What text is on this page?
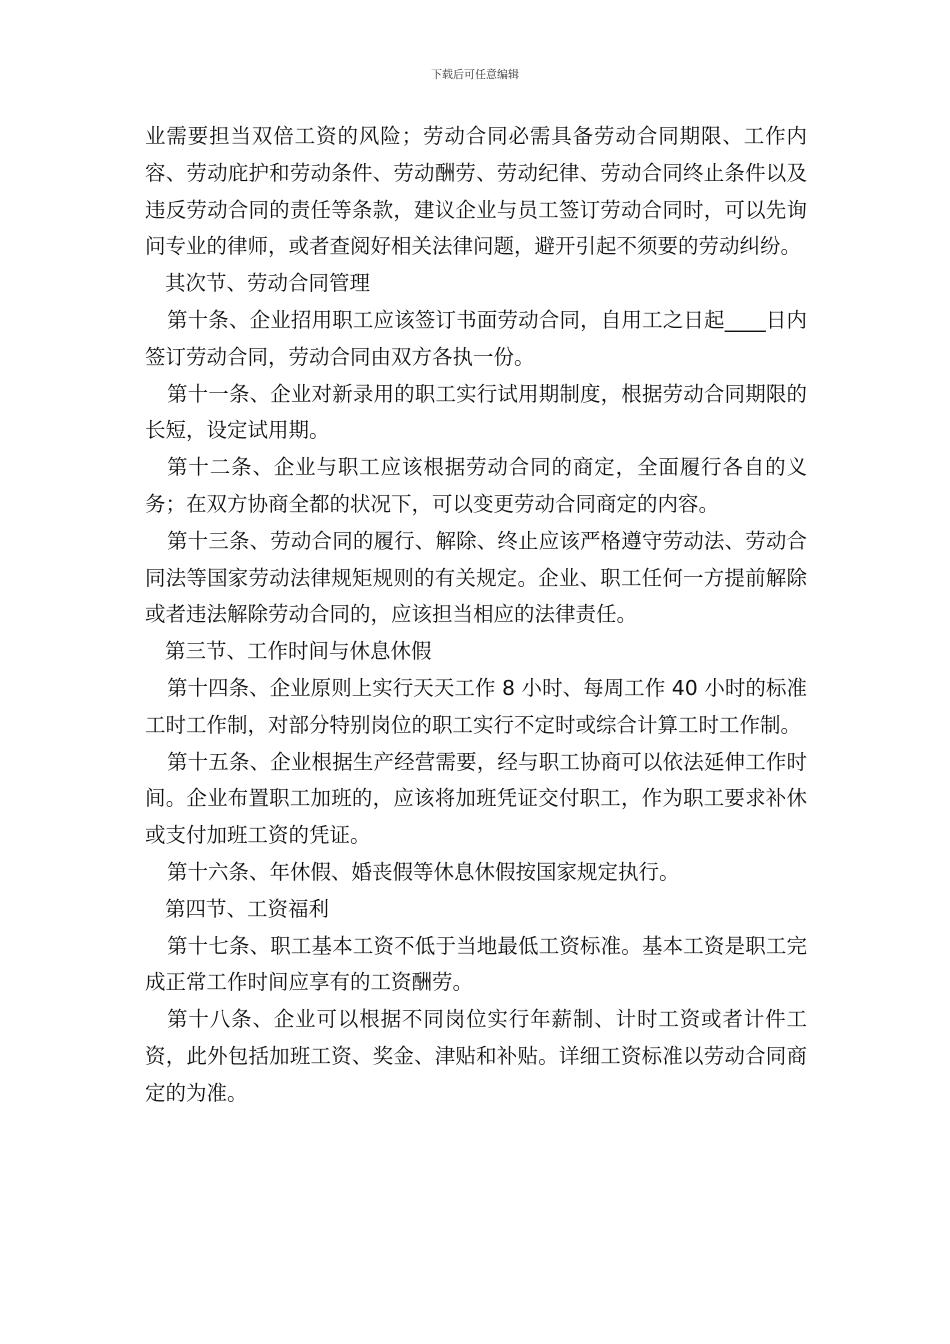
下载后可任意编辑

业需要担当双倍工资的风险；劳动合同必需具备劳动合同期限、工作内容、劳动庇护和劳动条件、劳动酬劳、劳动纪律、劳动合同终止条件以及违反劳动合同的责任等条款，建议企业与员工签订劳动合同时，可以先询问专业的律师，或者查阅好相关法律问题，避开引起不须要的劳动纠纷。

其次节、劳动合同管理

第十条、企业招用职工应该签订书面劳动合同，自用工之日起____日内签订劳动合同，劳动合同由双方各执一份。

第十一条、企业对新录用的职工实行试用期制度，根据劳动合同期限的长短，设定试用期。

第十二条、企业与职工应该根据劳动合同的商定，全面履行各自的义务；在双方协商全都的状况下，可以变更劳动合同商定的内容。

第十三条、劳动合同的履行、解除、终止应该严格遵守劳动法、劳动合同法等国家劳动法律规矩规则的有关规定。企业、职工任何一方提前解除或者违法解除劳动合同的，应该担当相应的法律责任。

第三节、工作时间与休息休假

第十四条、企业原则上实行天天工作 8 小时、每周工作 40 小时的标准工时工作制，对部分特别岗位的职工实行不定时或综合计算工时工作制。

第十五条、企业根据生产经营需要，经与职工协商可以依法延伸工作时间。企业布置职工加班的，应该将加班凭证交付职工，作为职工要求补休或支付加班工资的凭证。

第十六条、年休假、婚丧假等休息休假按国家规定执行。

第四节、工资福利

第十七条、职工基本工资不低于当地最低工资标准。基本工资是职工完成正常工作时间应享有的工资酬劳。

第十八条、企业可以根据不同岗位实行年薪制、计时工资或者计件工资，此外包括加班工资、奖金、津贴和补贴。详细工资标准以劳动合同商定的为准。
